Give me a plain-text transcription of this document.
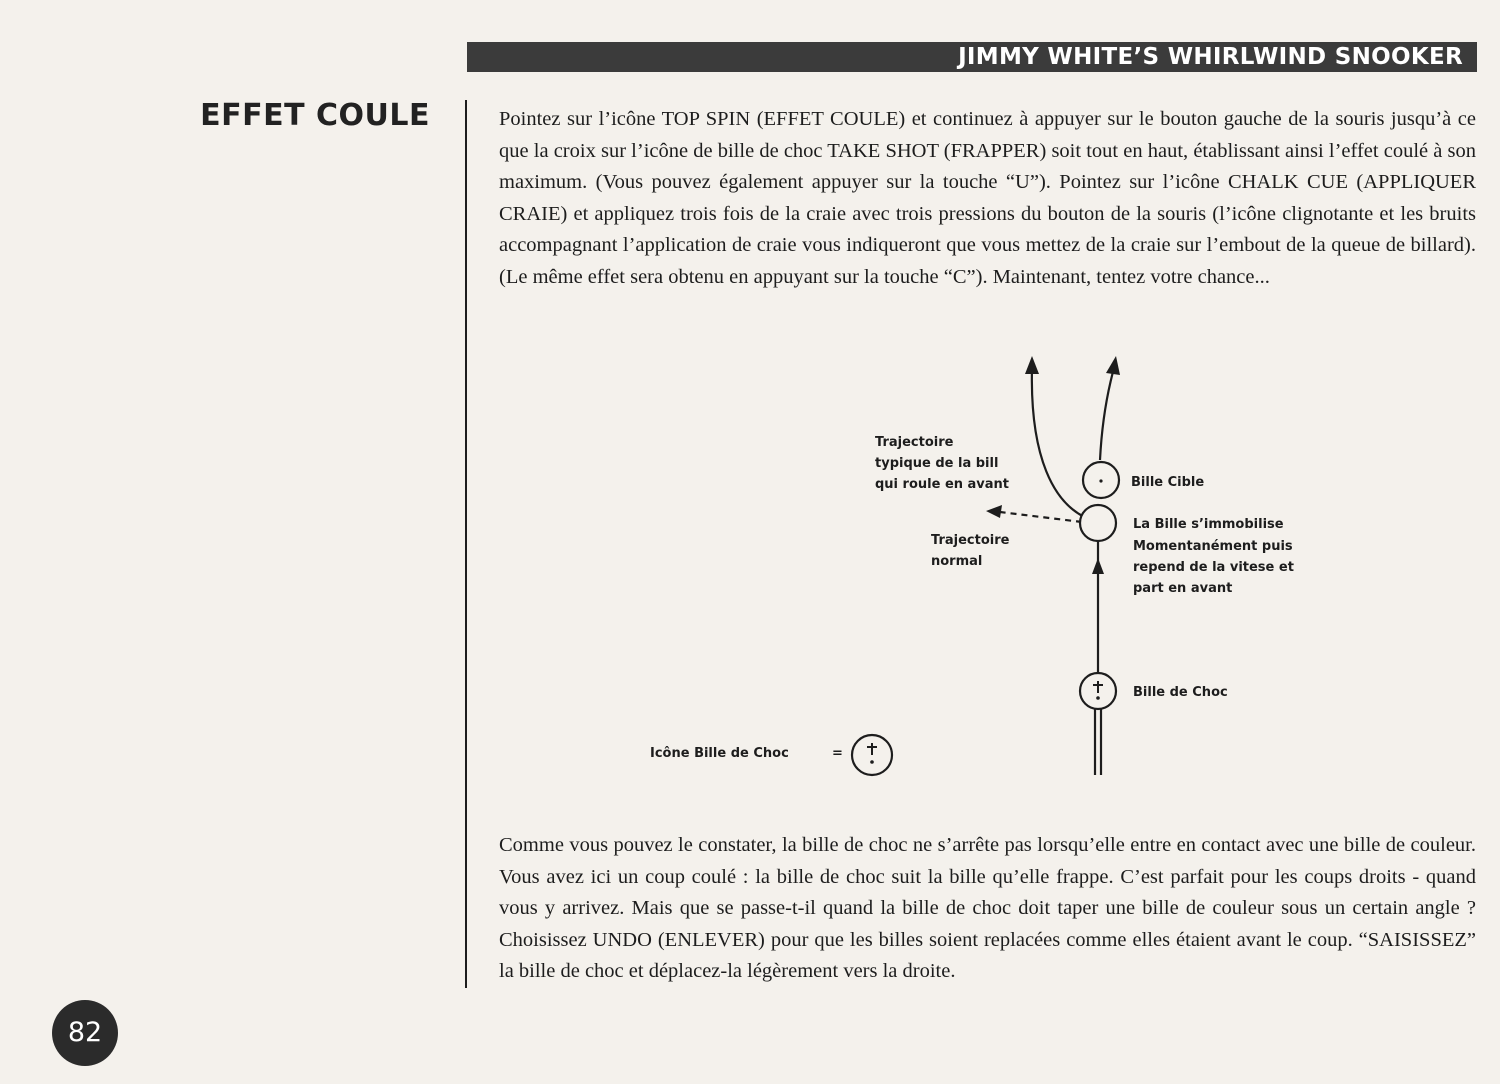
JIMMY WHITE’S WHIRLWIND SNOOKER
EFFET COULE	Pointez sur l’icône TOP SPIN (EFFET COULE) et continuez à appuyer sur le bouton gauche de la souris jusqu’à ce que la croix sur l’icône de bille de choc TAKE SHOT (FRAPPER) soit tout en haut, établissant ainsi l’effet coulé à son maximum. (Vous pouvez également appuyer sur la touche “U”). Pointez sur l’icône CHALK CUE (APPLIQUER CRAIE) et appliquez trois fois de la craie avec trois pressions du bouton de la souris (l’icône clignotante et les bruits accompagnant l’application de craie vous indiqueront que vous mettez de la craie sur l’embout de la queue de billard). (Le même effet sera obtenu en appuyant sur la touche “C”). Maintenant, tentez votre chance...

Trajectoire
typique de la bill
qui roule en avant
Trajectoire
normal
Bille Cible
La Bille s’immobilise
Momentanément puis
repend de la vitese et
part en avant
Bille de Choc
Icône Bille de Choc	=

Comme vous pouvez le constater, la bille de choc ne s’arrête pas lorsqu’elle entre en contact avec une bille de couleur. Vous avez ici un coup coulé : la bille de choc suit la bille qu’elle frappe. C’est parfait pour les coups droits - quand vous y arrivez. Mais que se passe-t-il quand la bille de choc doit taper une bille de couleur sous un certain angle ? Choisissez UNDO (ENLEVER) pour que les billes soient replacées comme elles étaient avant le coup. “SAISISSEZ” la bille de choc et déplacez-la légèrement vers la droite.

82
